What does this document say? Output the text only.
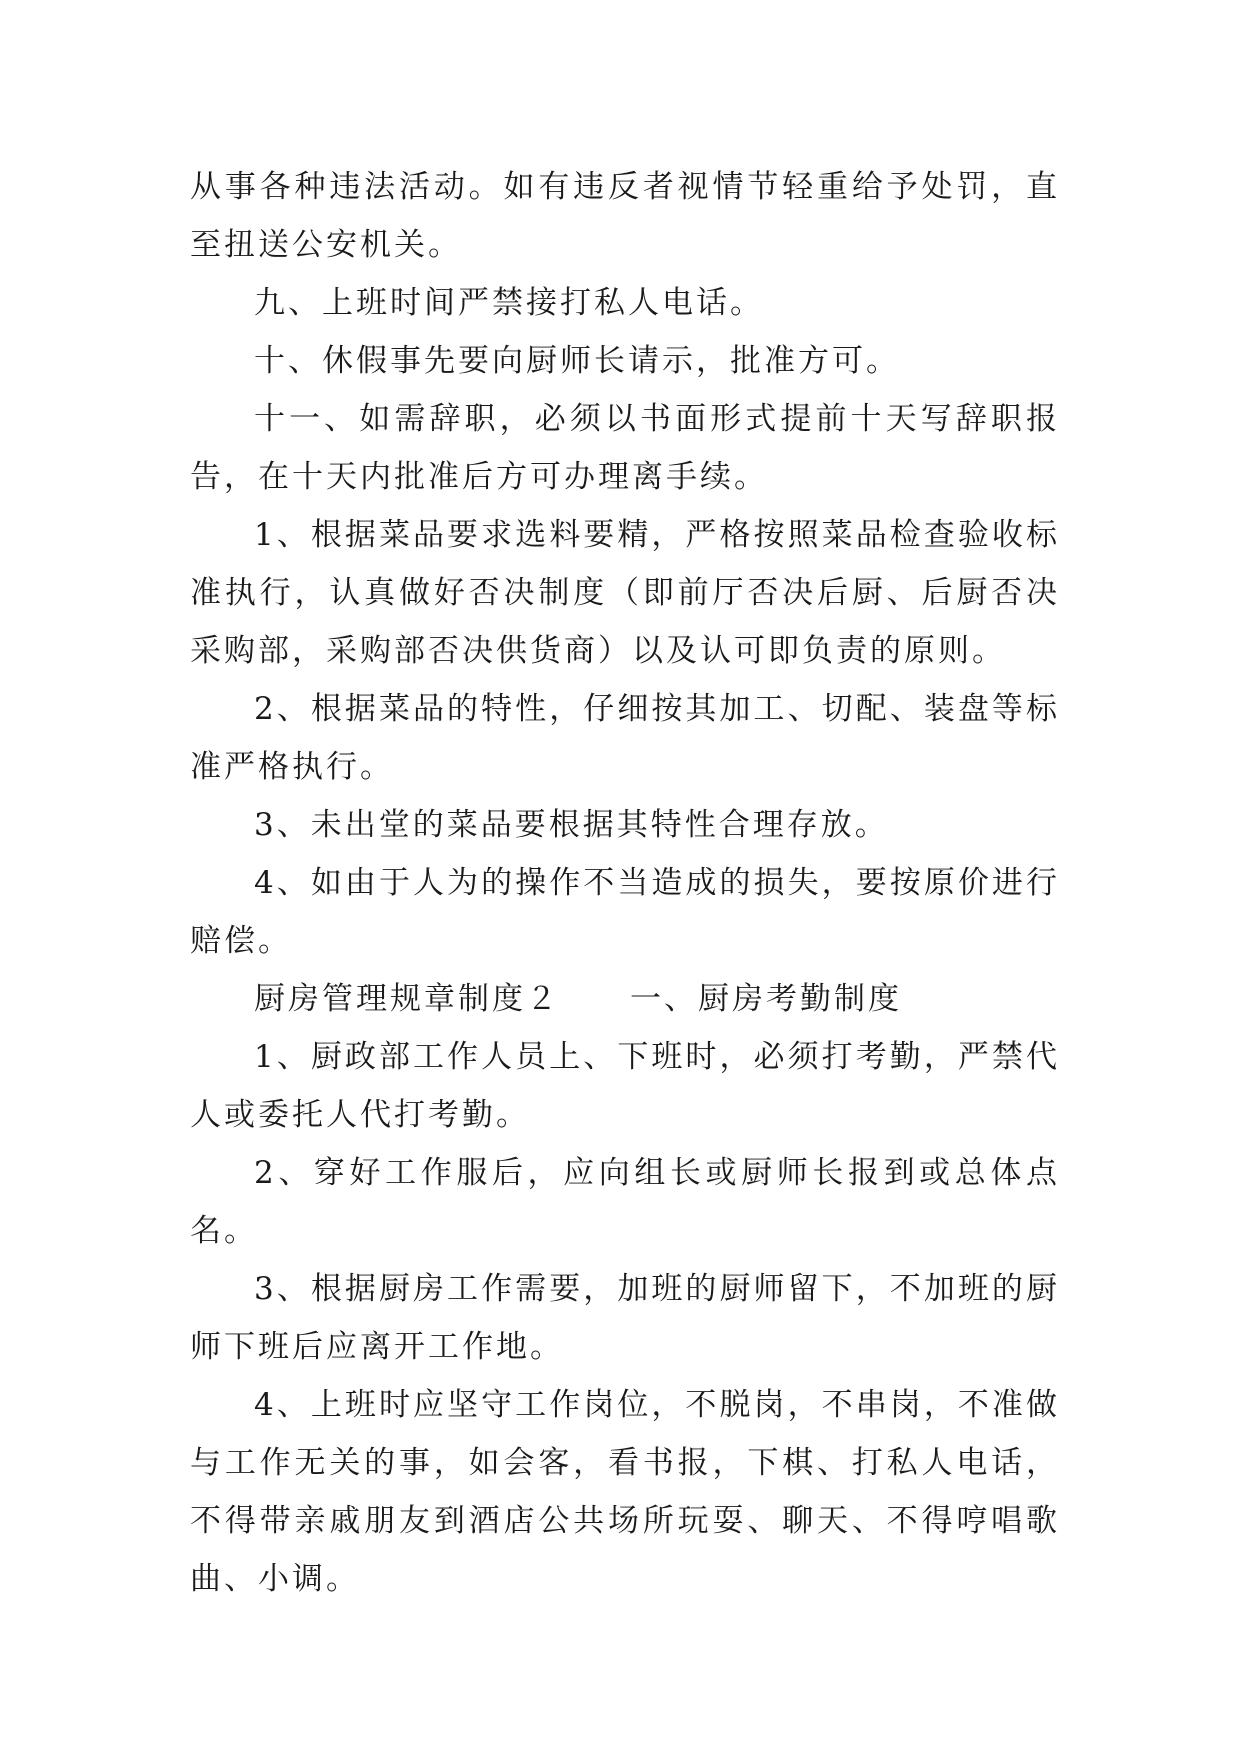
从事各种违法活动。如有违反者视情节轻重给予处罚，直至扭送公安机关。

九、上班时间严禁接打私人电话。

十、休假事先要向厨师长请示，批准方可。

十一、如需辞职，必须以书面形式提前十天写辞职报告，在十天内批准后方可办理离手续。

1、根据菜品要求选料要精，严格按照菜品检查验收标准执行，认真做好否决制度（即前厅否决后厨、后厨否决采购部，采购部否决供货商）以及认可即负责的原则。

2、根据菜品的特性，仔细按其加工、切配、装盘等标准严格执行。

3、未出堂的菜品要根据其特性合理存放。

4、如由于人为的操作不当造成的损失，要按原价进行赔偿。

厨房管理规章制度２ 一、厨房考勤制度

1、厨政部工作人员上、下班时，必须打考勤，严禁代人或委托人代打考勤。

2、穿好工作服后，应向组长或厨师长报到或总体点名。

3、根据厨房工作需要，加班的厨师留下，不加班的厨师下班后应离开工作地。

4、上班时应坚守工作岗位，不脱岗，不串岗，不准做与工作无关的事，如会客，看书报，下棋、打私人电话，不得带亲戚朋友到酒店公共场所玩耍、聊天、不得哼唱歌曲、小调。
